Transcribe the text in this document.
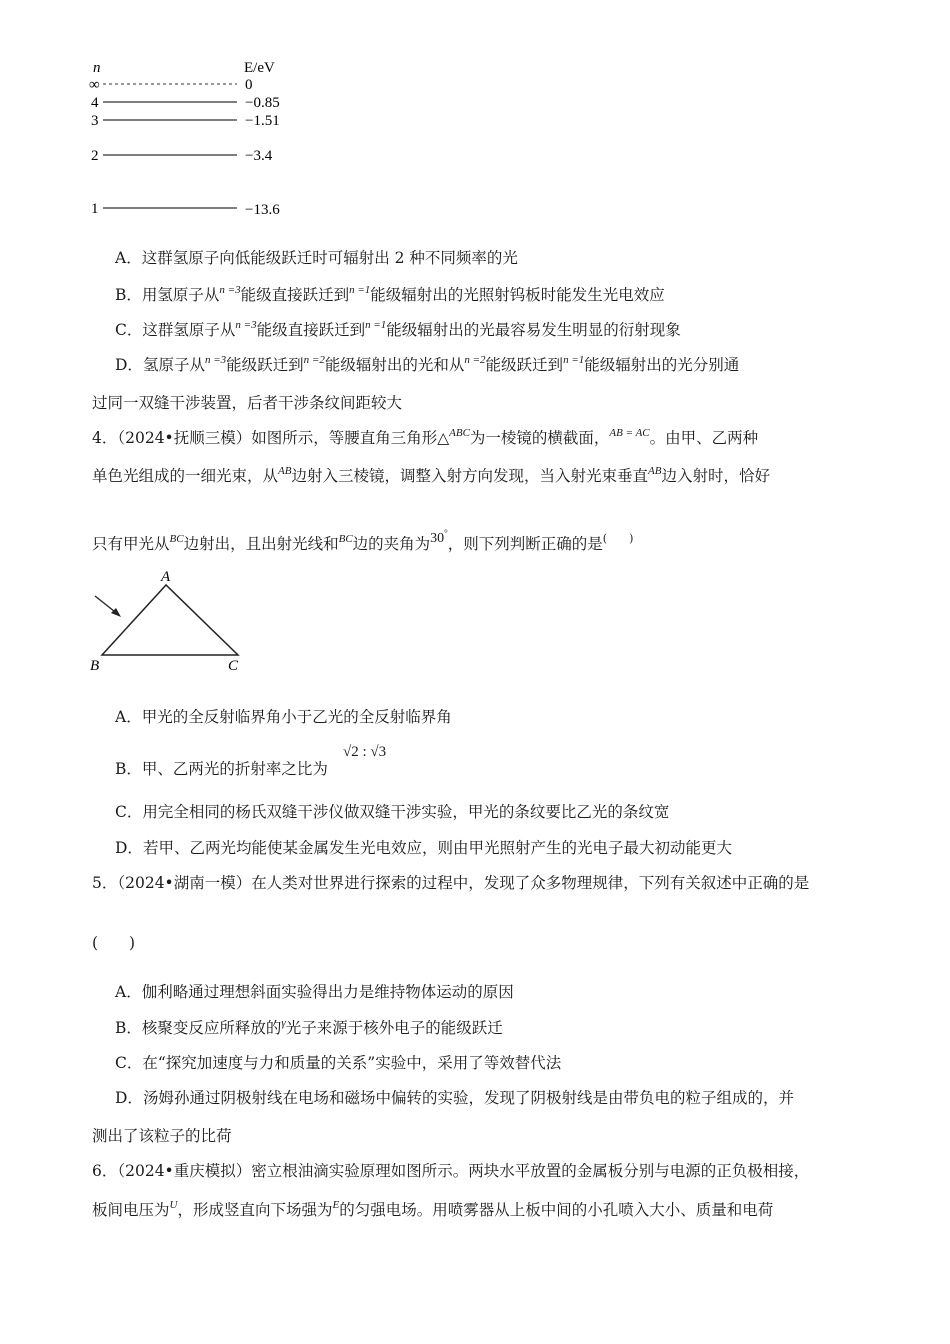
n	E/eV
∞	0
4	−0.85
3	−1.51
2	−3.4
1	−13.6
A．这群氢原子向低能级跃迁时可辐射出 2 种不同频率的光
B．用氢原子从$^{n =3}$能级直接跃迁到$^{n =1}$能级辐射出的光照射钨板时能发生光电效应
C．这群氢原子从$^{n =3}$能级直接跃迁到$^{n =1}$能级辐射出的光最容易发生明显的衍射现象
D．氢原子从$^{n =3}$能级跃迁到$^{n =2}$能级辐射出的光和从$^{n =2}$能级跃迁到$^{n =1}$能级辐射出的光分别通
过同一双缝干涉装置，后者干涉条纹间距较大
4．（2024•抚顺三模）如图所示，等腰直角三角形△$^{ABC}$为一棱镜的横截面，$^{AB = AC}$。由甲、乙两种
单色光组成的一细光束，从$^{AB}$边射入三棱镜，调整入射方向发现，当入射光束垂直$^{AB}$边入射时，恰好
只有甲光从$^{BC}$边射出，且出射光线和$^{BC}$边的夹角为30°，则下列判断正确的是(　　)
A
B	C
A．甲光的全反射临界角小于乙光的全反射临界角
B．甲、乙两光的折射率之比为
√2 : √3
C．用完全相同的杨氏双缝干涉仪做双缝干涉实验，甲光的条纹要比乙光的条纹宽
D．若甲、乙两光均能使某金属发生光电效应，则由甲光照射产生的光电子最大初动能更大
5．（2024•湖南一模）在人类对世界进行探索的过程中，发现了众多物理规律，下列有关叙述中正确的是
(　　)
A．伽利略通过理想斜面实验得出力是维持物体运动的原因
B．核聚变反应所释放的$^\gamma$光子来源于核外电子的能级跃迁
C．在“探究加速度与力和质量的关系”实验中，采用了等效替代法
D．汤姆孙通过阴极射线在电场和磁场中偏转的实验，发现了阴极射线是由带负电的粒子组成的，并
测出了该粒子的比荷
6．（2024•重庆模拟）密立根油滴实验原理如图所示。两块水平放置的金属板分别与电源的正负极相接，
板间电压为$^U$，形成竖直向下场强为$^E$的匀强电场。用喷雾器从上板中间的小孔喷入大小、质量和电荷
